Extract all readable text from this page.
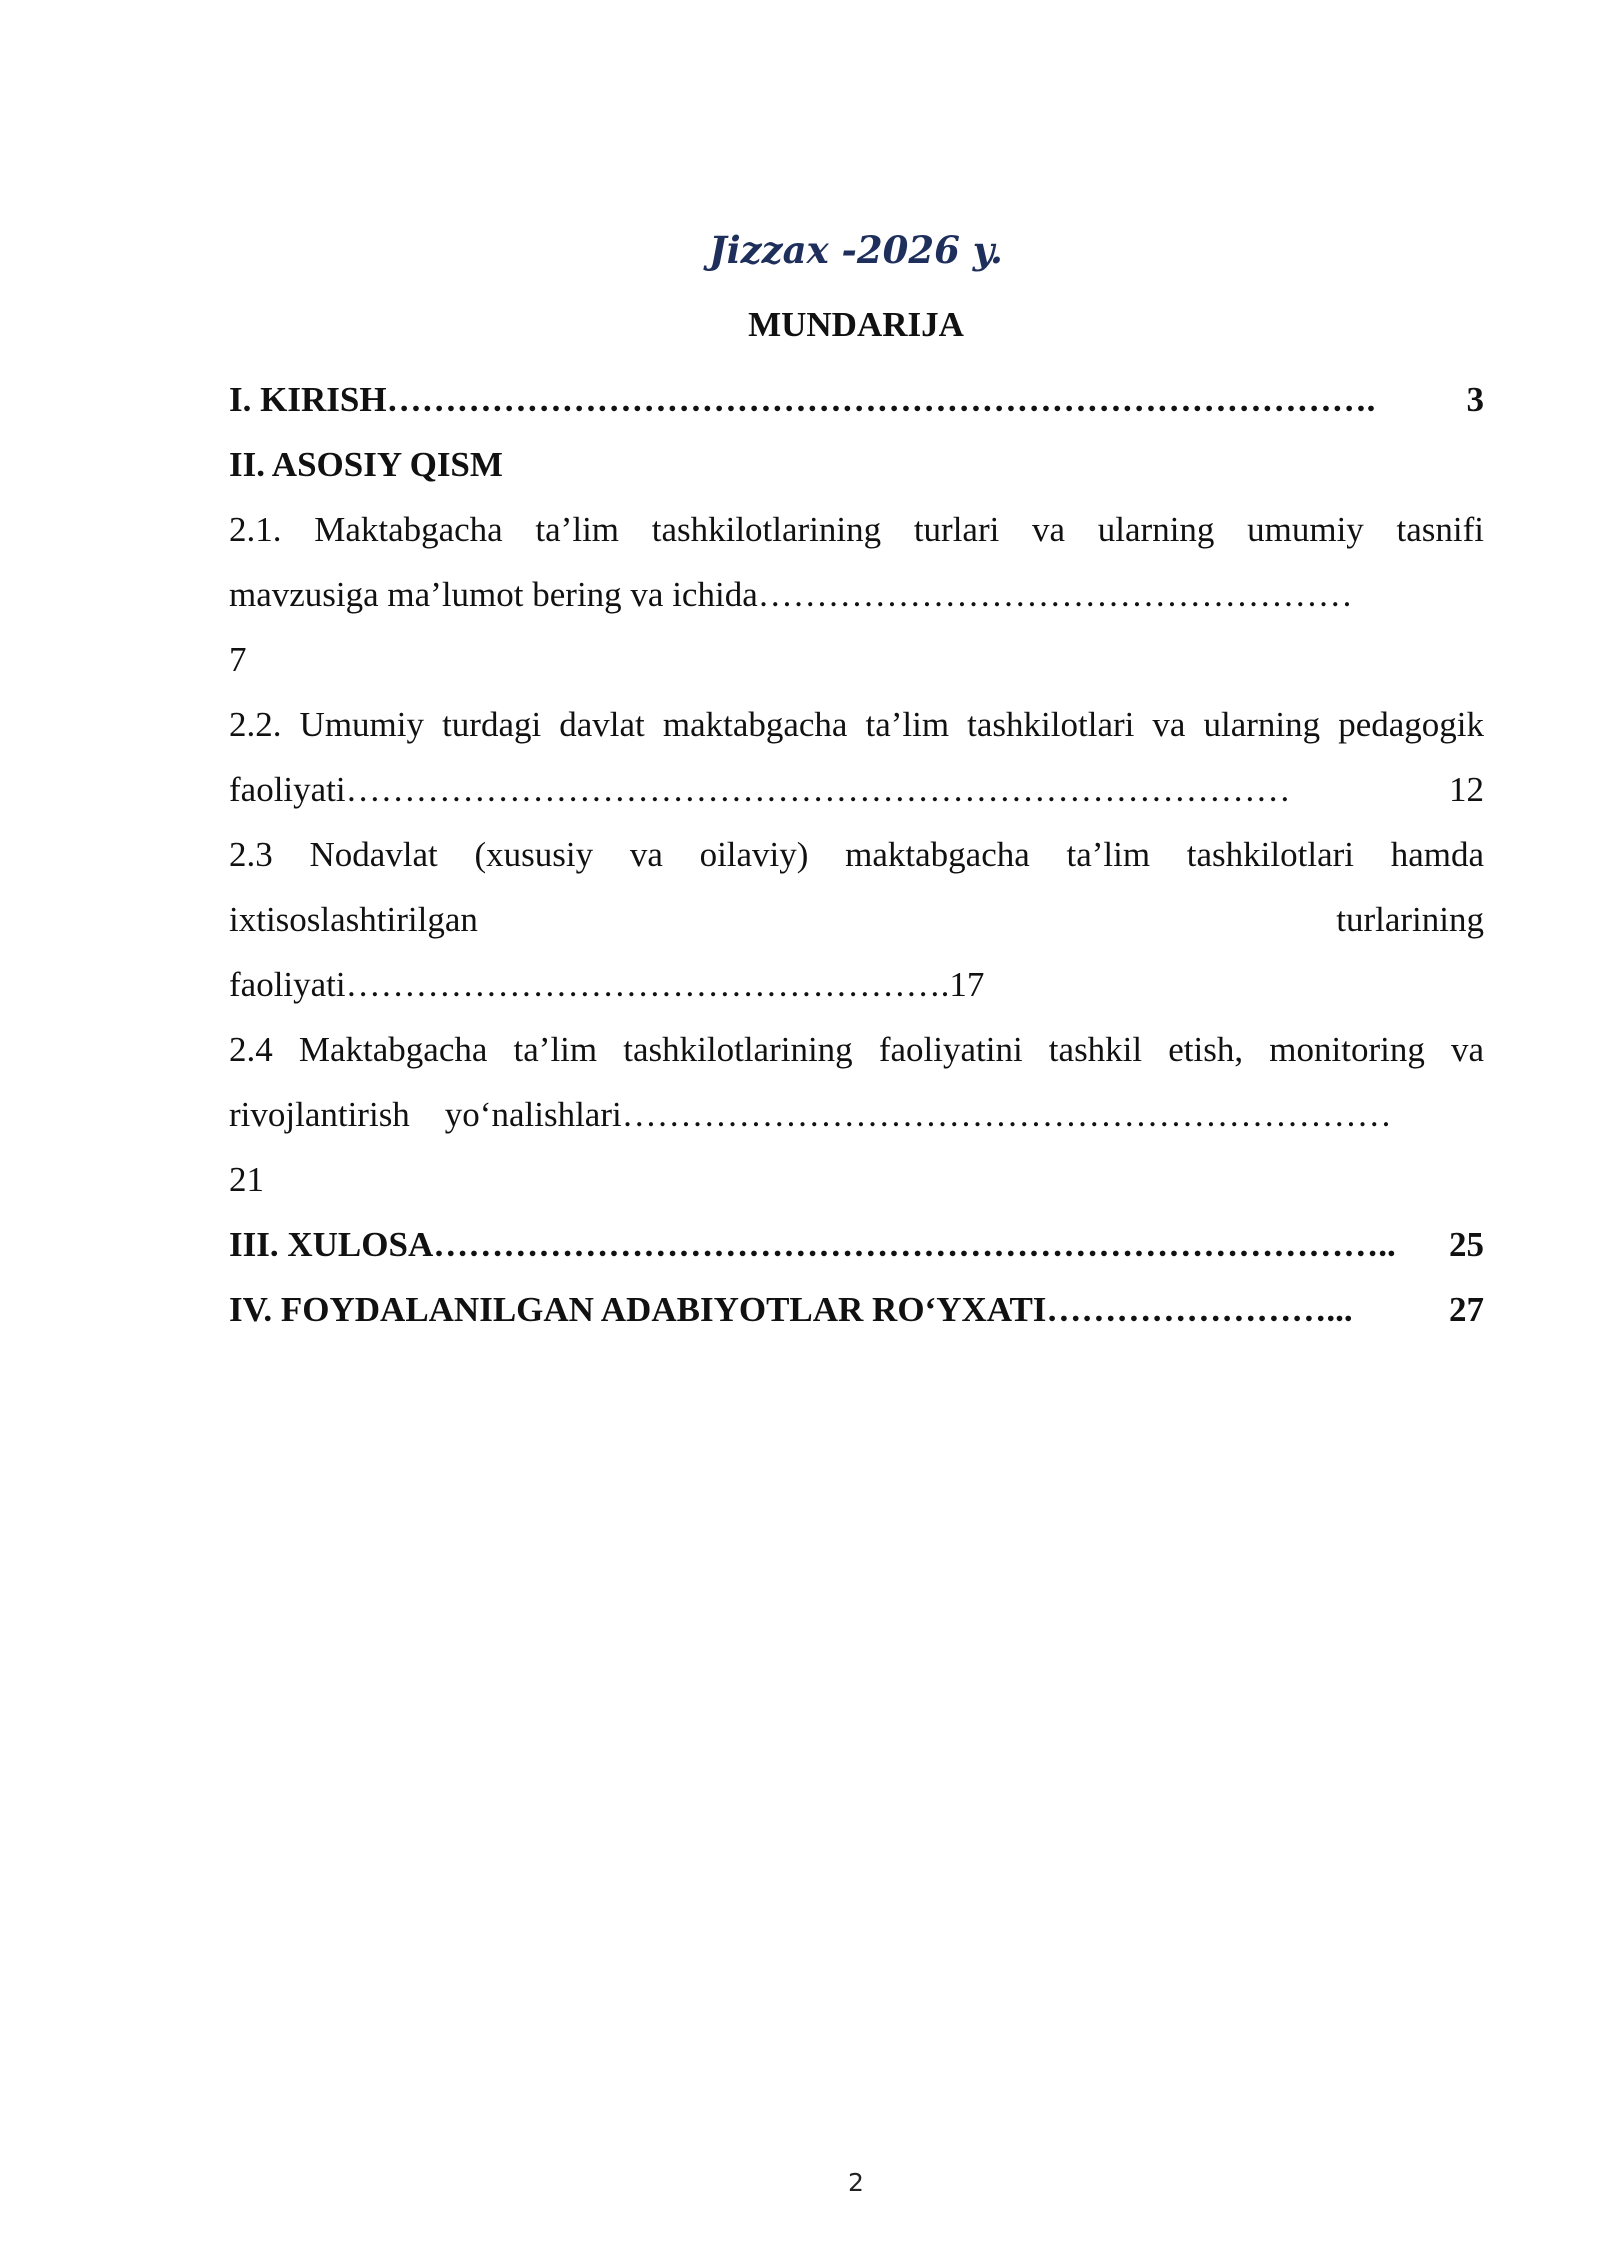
Jizzax -2026 y.
MUNDARIJA
I. KIRISH ………………………………………………………………………….	3
II. ASOSIY QISM
2.1. Maktabgacha ta’lim tashkilotlarining turlari va ularning umumiy tasnifi
mavzusiga ma’lumot bering va ichida ……………………………………………
7
2.2. Umumiy turdagi davlat maktabgacha ta’lim tashkilotlari va ularning pedagogik
faoliyati ………………………………………………………………………	12
2.3 Nodavlat (xususiy va oilaviy) maktabgacha ta’lim tashkilotlari hamda
ixtisoslashtirilgan	turlarining
faoliyati…………………………………………….17
2.4 Maktabgacha ta’lim tashkilotlarining faoliyatini tashkil etish, monitoring va
rivojlantirish    yo‘nalishlari …………………………………………………………
21
III. XULOSA ………………………………………………………………………..	25
IV. FOYDALANILGAN ADABIYOTLAR RO‘YXATI ……………………...	27
2
